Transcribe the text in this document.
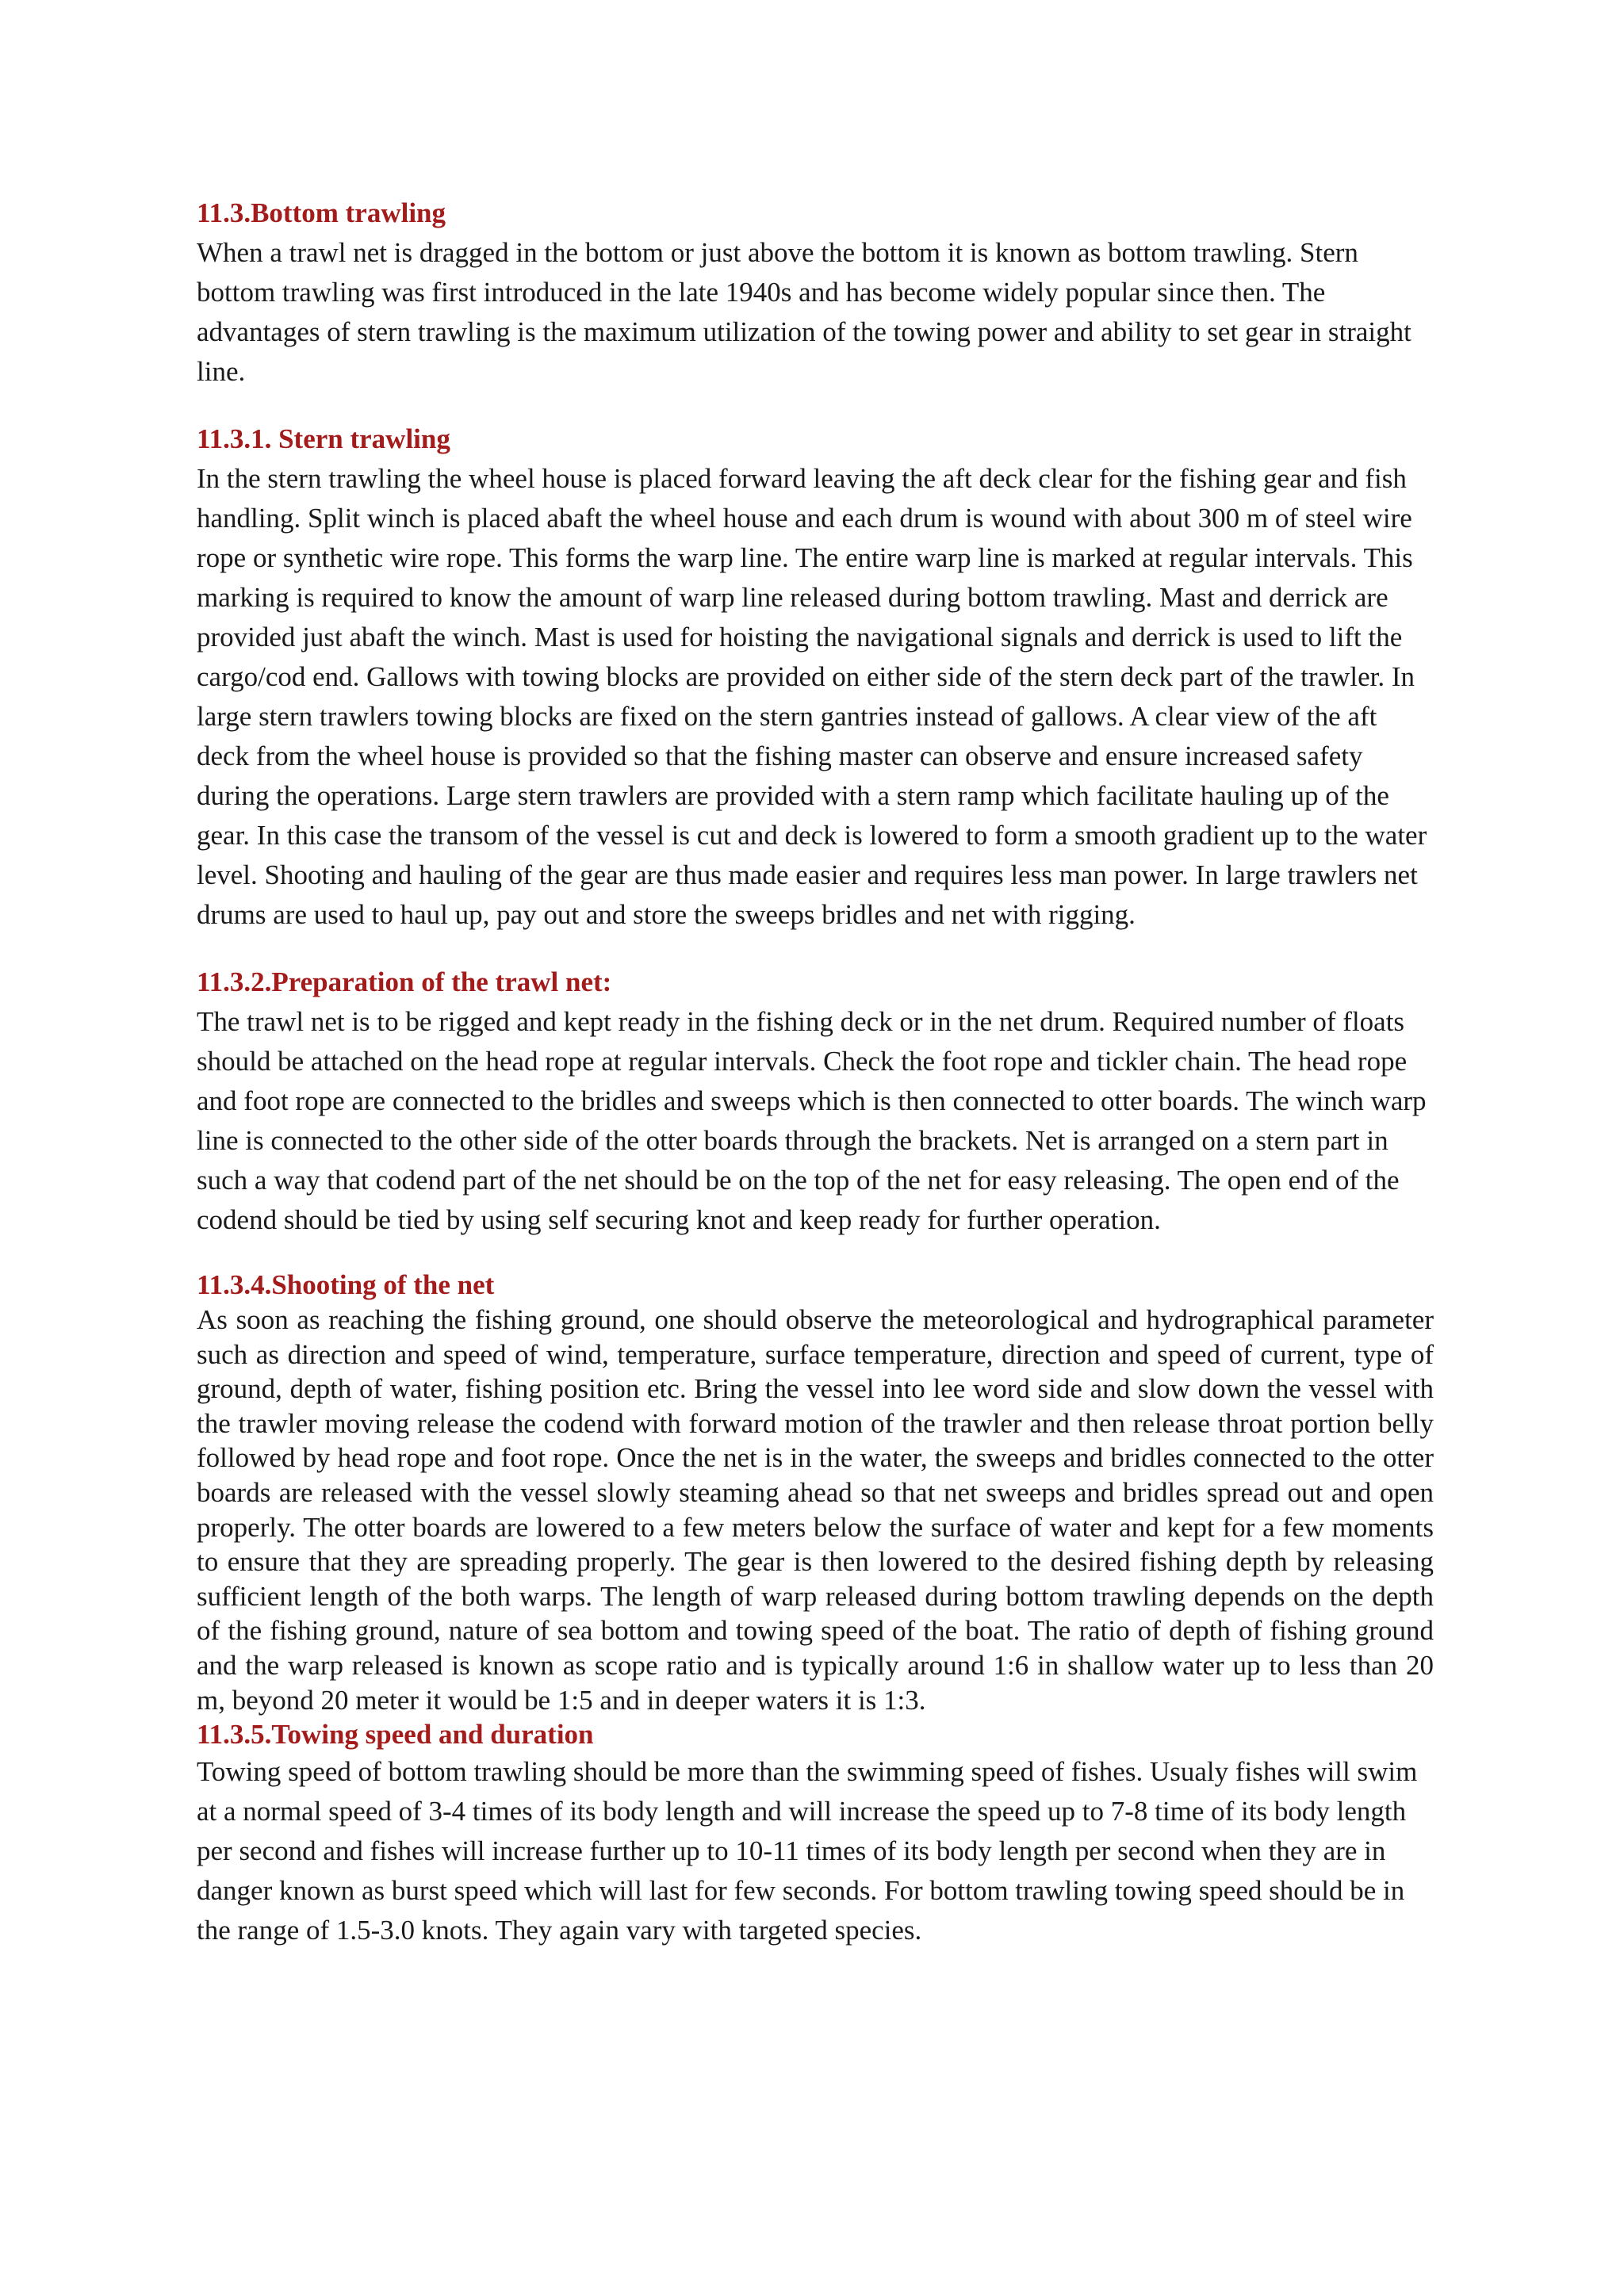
11.3.Bottom trawling

When a trawl net is dragged in the bottom or just above the bottom it is known as bottom trawling. Stern bottom trawling was first introduced in the late 1940s and has become widely popular since then. The advantages of stern trawling is the maximum utilization of the towing power and ability to set gear in straight line.

11.3.1. Stern trawling

In the stern trawling the wheel house is placed forward leaving the aft deck clear for the fishing gear and fish handling. Split winch is placed abaft the wheel house and each drum is wound with about 300 m of steel wire rope or synthetic wire rope. This forms the warp line. The entire warp line is marked at regular intervals. This marking is required to know the amount of warp line released during bottom trawling. Mast and derrick are provided just abaft the winch. Mast is used for hoisting the navigational signals and derrick is used to lift the cargo/cod end. Gallows with towing blocks are provided on either side of the stern deck part of the trawler. In large stern trawlers towing blocks are fixed on the stern gantries instead of gallows. A clear view of the aft deck from the wheel house is provided so that the fishing master can observe and ensure increased safety during the operations. Large stern trawlers are provided with a stern ramp which facilitate hauling up of the gear. In this case the transom of the vessel is cut and deck is lowered to form a smooth gradient up to the water level. Shooting and hauling of the gear are thus made easier and requires less man power. In large trawlers net drums are used to haul up, pay out and store the sweeps bridles and net with rigging.

11.3.2.Preparation of the trawl net:

The trawl net is to be rigged and kept ready in the fishing deck or in the net drum. Required number of floats should be attached on the head rope at regular intervals. Check the foot rope and tickler chain. The head rope and foot rope are connected to the bridles and sweeps which is then connected to otter boards. The winch warp line is connected to the other side of the otter boards through the brackets. Net is arranged on a stern part in such a way that codend part of the net should be on the top of the net for easy releasing. The open end of the codend should be tied by using self securing knot and keep ready for further operation.

11.3.4.Shooting of the net

As soon as reaching the fishing ground, one should observe the meteorological and hydrographical parameter such as direction and speed of wind, temperature, surface temperature, direction and speed of current, type of ground, depth of water, fishing position etc. Bring the vessel into lee word side and slow down the vessel with the trawler moving release the codend with forward motion of the trawler and then release throat portion belly followed by head rope and foot rope. Once the net is in the water, the sweeps and bridles connected to the otter boards are released with the vessel slowly steaming ahead so that net sweeps and bridles spread out and open properly. The otter boards are lowered to a few meters below the surface of water and kept for a few moments to ensure that they are spreading properly. The gear is then lowered to the desired fishing depth by releasing sufficient length of the both warps. The length of warp released during bottom trawling depends on the depth of the fishing ground, nature of sea bottom and towing speed of the boat. The ratio of depth of fishing ground and the warp released is known as scope ratio and is typically around 1:6 in shallow water up to less than 20 m, beyond 20 meter it would be 1:5 and in deeper waters it is 1:3.

11.3.5.Towing speed and duration

Towing speed of bottom trawling should be more than the swimming speed of fishes. Usualy fishes will swim at a normal speed of 3-4 times of its body length and will increase the speed up to 7-8 time of its body length per second and fishes will increase further up to 10-11 times of its body length per second when they are in danger known as burst speed which will last for few seconds. For bottom trawling towing speed should be in the range of 1.5-3.0 knots. They again vary with targeted species.
